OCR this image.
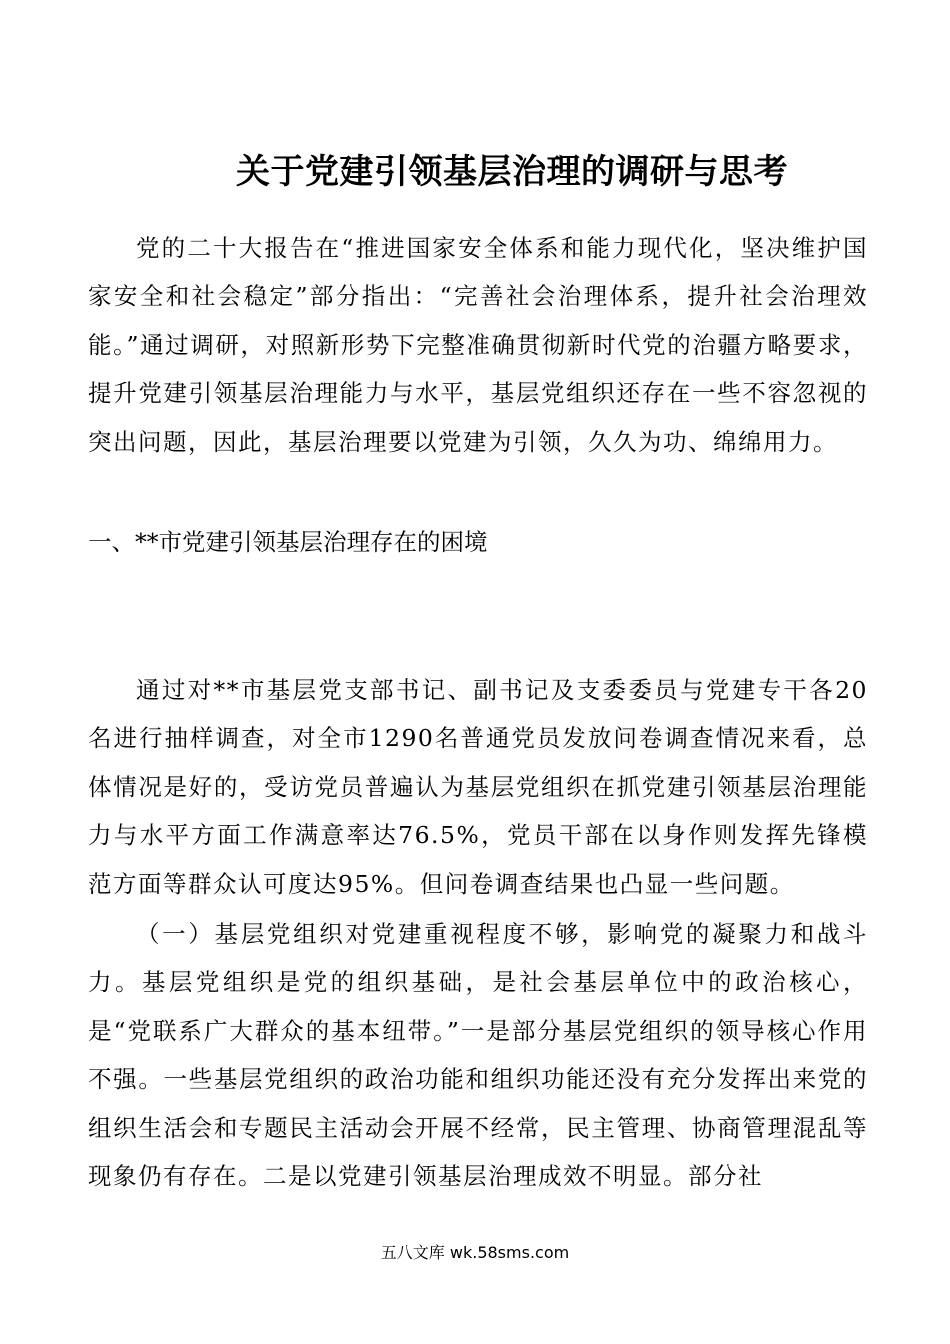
关于党建引领基层治理的调研与思考

党的二十大报告在“推进国家安全体系和能力现代化，坚决维护国家安全和社会稳定”部分指出：“完善社会治理体系，提升社会治理效能。”通过调研，对照新形势下完整准确贯彻新时代党的治疆方略要求，提升党建引领基层治理能力与水平，基层党组织还存在一些不容忽视的突出问题，因此，基层治理要以党建为引领，久久为功、绵绵用力。

一、**市党建引领基层治理存在的困境

通过对**市基层党支部书记、副书记及支委委员与党建专干各20名进行抽样调查，对全市1290名普通党员发放问卷调查情况来看，总体情况是好的，受访党员普遍认为基层党组织在抓党建引领基层治理能力与水平方面工作满意率达76.5%，党员干部在以身作则发挥先锋模范方面等群众认可度达95%。但问卷调查结果也凸显一些问题。

（一）基层党组织对党建重视程度不够，影响党的凝聚力和战斗力。基层党组织是党的组织基础，是社会基层单位中的政治核心，是“党联系广大群众的基本纽带。”一是部分基层党组织的领导核心作用不强。一些基层党组织的政治功能和组织功能还没有充分发挥出来党的组织生活会和专题民主活动会开展不经常，民主管理、协商管理混乱等现象仍有存在。二是以党建引领基层治理成效不明显。部分社

五八文库 wk.58sms.com
